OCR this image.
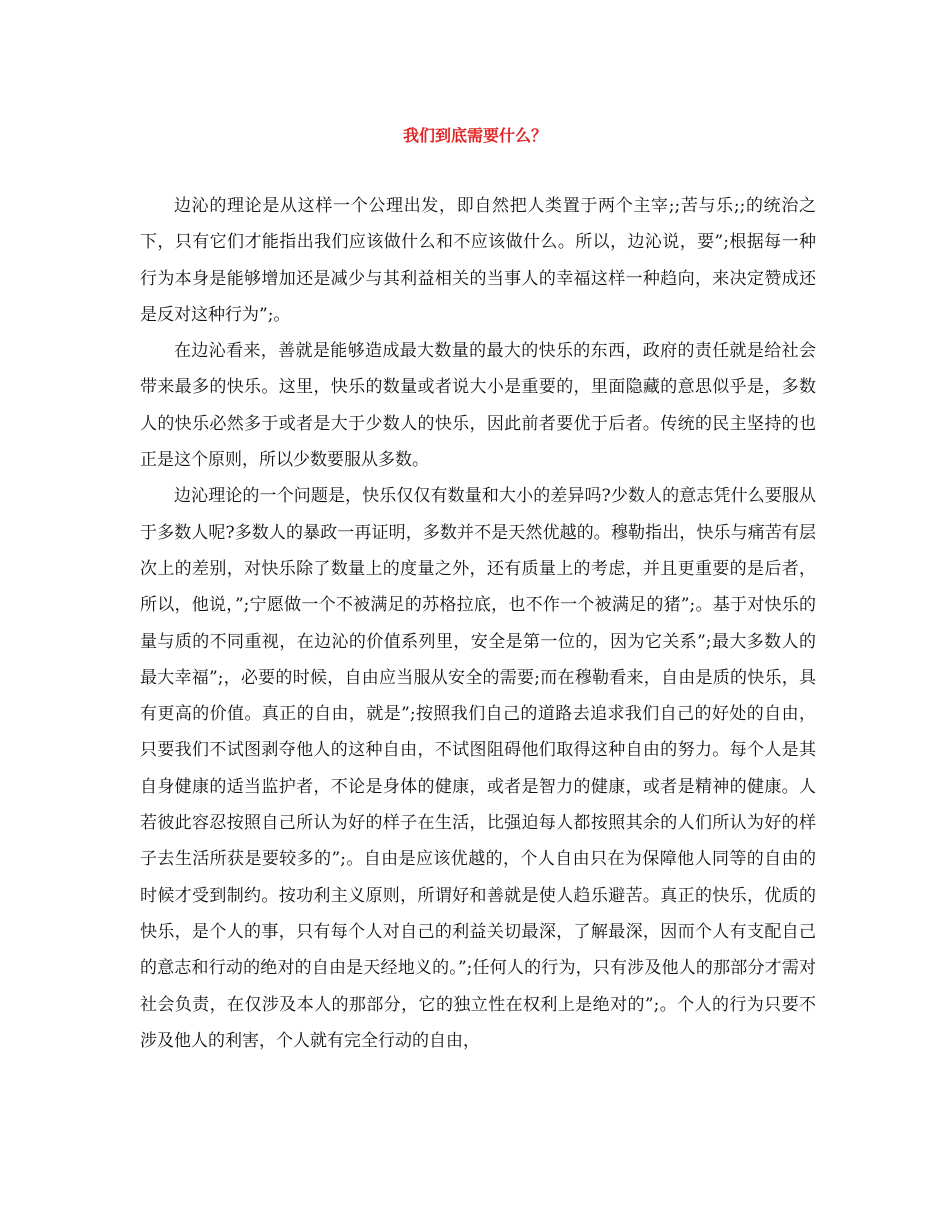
我们到底需要什么？

边沁的理论是从这样一个公理出发，即自然把人类置于两个主宰;;苦与乐;;的统治之下，只有它们才能指出我们应该做什么和不应该做什么。所以，边沁说，要”;根据每一种行为本身是能够增加还是减少与其利益相关的当事人的幸福这样一种趋向，来决定赞成还是反对这种行为”;。

在边沁看来，善就是能够造成最大数量的最大的快乐的东西，政府的责任就是给社会带来最多的快乐。这里，快乐的数量或者说大小是重要的，里面隐藏的意思似乎是，多数人的快乐必然多于或者是大于少数人的快乐，因此前者要优于后者。传统的民主坚持的也正是这个原则，所以少数要服从多数。

边沁理论的一个问题是，快乐仅仅有数量和大小的差异吗?少数人的意志凭什么要服从于多数人呢?多数人的暴政一再证明，多数并不是天然优越的。穆勒指出，快乐与痛苦有层次上的差别，对快乐除了数量上的度量之外，还有质量上的考虑，并且更重要的是后者，所以，他说，”;宁愿做一个不被满足的苏格拉底，也不作一个被满足的猪”;。基于对快乐的量与质的不同重视，在边沁的价值系列里，安全是第一位的，因为它关系”;最大多数人的最大幸福”;，必要的时候，自由应当服从安全的需要;而在穆勒看来，自由是质的快乐，具有更高的价值。真正的自由，就是”;按照我们自己的道路去追求我们自己的好处的自由，只要我们不试图剥夺他人的这种自由，不试图阻碍他们取得这种自由的努力。每个人是其自身健康的适当监护者，不论是身体的健康，或者是智力的健康，或者是精神的健康。人若彼此容忍按照自己所认为好的样子在生活，比强迫每人都按照其余的人们所认为好的样子去生活所获是要较多的”;。自由是应该优越的，个人自由只在为保障他人同等的自由的时候才受到制约。按功利主义原则，所谓好和善就是使人趋乐避苦。真正的快乐，优质的快乐，是个人的事，只有每个人对自己的利益关切最深，了解最深，因而个人有支配自己的意志和行动的绝对的自由是天经地义的。”;任何人的行为，只有涉及他人的那部分才需对社会负责，在仅涉及本人的那部分，它的独立性在权利上是绝对的”;。个人的行为只要不涉及他人的利害，个人就有完全行动的自由，
